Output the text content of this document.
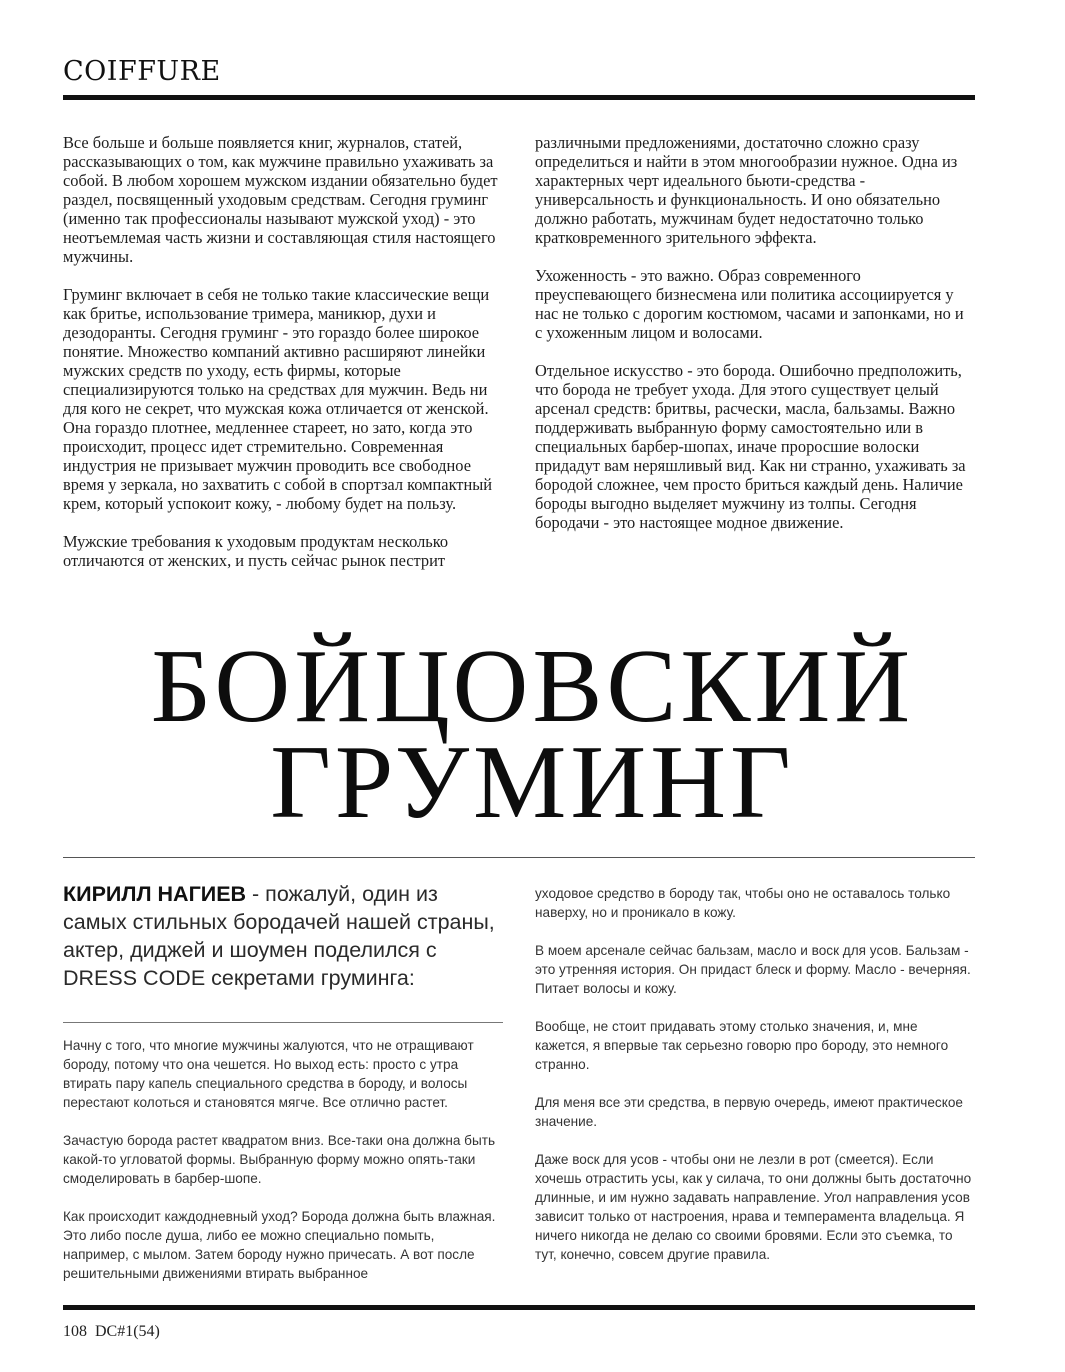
COIFFURE

Все больше и больше появляется книг, журналов, статей, рассказывающих о том, как мужчине правильно ухаживать за собой. В любом хорошем мужском издании обязательно будет раздел, посвященный уходовым средствам. Сегодня груминг (именно так профессионалы называют мужской уход) - это неотъемлемая часть жизни и составляющая стиля настоящего мужчины.

Груминг включает в себя не только такие классические вещи как бритье, использование тримера, маникюр, духи и дезодоранты. Сегодня груминг - это гораздо более широкое понятие. Множество компаний активно расширяют линейки мужских средств по уходу, есть фирмы, которые специализируются только на средствах для мужчин. Ведь ни для кого не секрет, что мужская кожа отличается от женской. Она гораздо плотнее, медленнее стареет, но зато, когда это происходит, процесс идет стремительно. Современная индустрия не призывает мужчин проводить все свободное время у зеркала, но захватить с собой в спортзал компактный крем, который успокоит кожу, - любому будет на пользу.

Мужские требования к уходовым продуктам несколько отличаются от женских, и пусть сейчас рынок пестрит

различными предложениями, достаточно сложно сразу определиться и найти в этом многообразии нужное. Одна из характерных черт идеального бьюти-средства - универсальность и функциональность. И оно обязательно должно работать, мужчинам будет недостаточно только кратковременного зрительного эффекта.

Ухоженность - это важно. Образ современного преуспевающего бизнесмена или политика ассоциируется у нас не только с дорогим костюмом, часами и запонками, но и с ухоженным лицом и волосами.

Отдельное искусство - это борода. Ошибочно предположить, что борода не требует ухода. Для этого существует целый арсенал средств: бритвы, расчески, масла, бальзамы. Важно поддерживать выбранную форму самостоятельно или в специальных барбер-шопах, иначе проросшие волоски придадут вам неряшливый вид. Как ни странно, ухаживать за бородой сложнее, чем просто бриться каждый день. Наличие бороды выгодно выделяет мужчину из толпы. Сегодня бородачи - это настоящее модное движение.

БОЙЦОВСКИЙ
ГРУМИНГ
КИРИЛЛ НАГИЕВ - пожалуй, один из самых стильных бородачей нашей страны, актер, диджей и шоумен поделился с DRESS CODE секретами груминга:

Начну с того, что многие мужчины жалуются, что не отращивают бороду, потому что она чешется. Но выход есть: просто с утра втирать пару капель специального средства в бороду, и волосы перестают колоться и становятся мягче. Все отлично растет.

Зачастую борода растет квадратом вниз. Все-таки она должна быть какой-то угловатой формы. Выбранную форму можно опять-таки смоделировать в барбер-шопе.

Как происходит каждодневный уход? Борода должна быть влажная. Это либо после душа, либо ее можно специально помыть, например, с мылом. Затем бороду нужно причесать. А вот после решительными движениями втирать выбранное

уходовое средство в бороду так, чтобы оно не оставалось только наверху, но и проникало в кожу.

В моем арсенале сейчас бальзам, масло и воск для усов. Бальзам - это утренняя история. Он придаст блеск и форму. Масло - вечерняя. Питает волосы и кожу.

Вообще, не стоит придавать этому столько значения, и, мне кажется, я впервые так серьезно говорю про бороду, это немного странно.

Для меня все эти средства, в первую очередь, имеют практическое значение.

Даже воск для усов - чтобы они не лезли в рот (смеется). Если хочешь отрастить усы, как у силача, то они должны быть достаточно длинные, и им нужно задавать направление. Угол направления усов зависит только от настроения, нрава и темперамента владельца. Я ничего никогда не делаю со своими бровями. Если это съемка, то тут, конечно, совсем другие правила.

108 DC#1(54)
